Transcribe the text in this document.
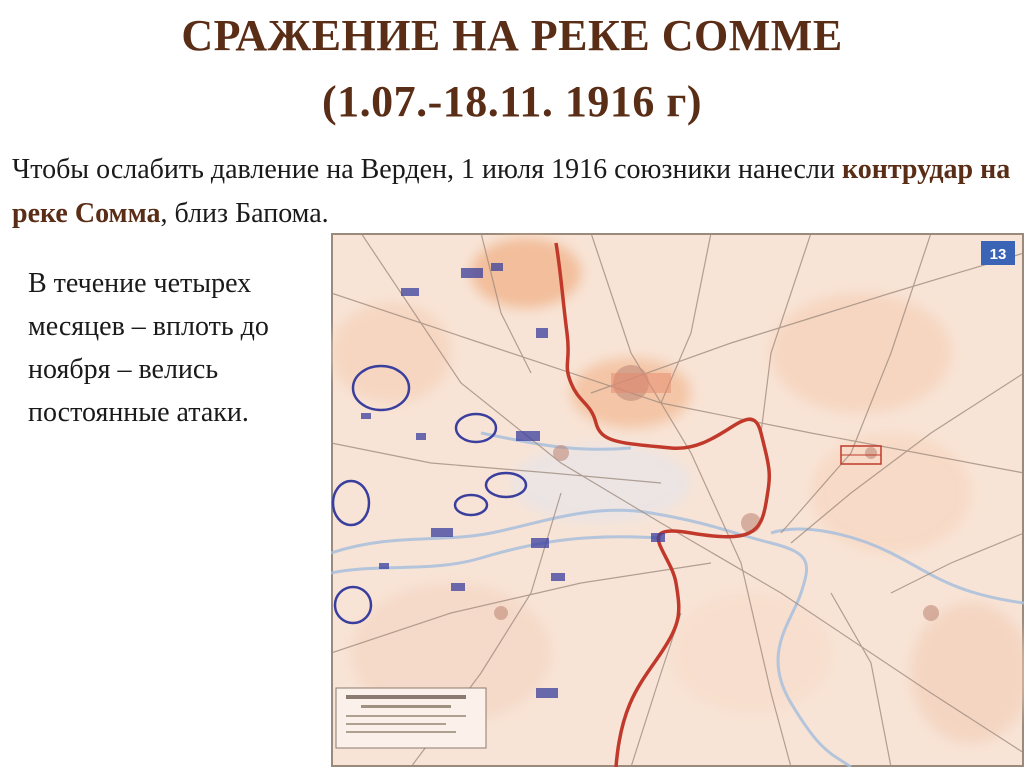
СРАЖЕНИЕ НА РЕКЕ СОММЕ
(1.07.-18.11. 1916 г)
Чтобы ослабить давление на Верден, 1 июля 1916 союзники нанесли контрудар на реке Сомма, близ Бапома.
В течение четырех месяцев – вплоть до ноября – велись постоянные атаки.
13
